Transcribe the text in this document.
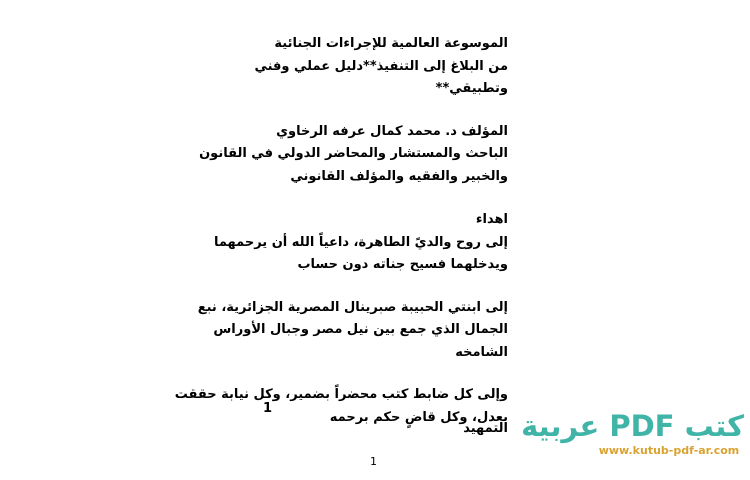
الموسوعة العالمية للإجراءات الجنائية
من البلاغ إلى التنفيذ**دليل عملي وفني
وتطبيقي**
المؤلف د. محمد كمال عرفه الرخاوي
الباحث والمستشار والمحاضر الدولي في القانون
والخبير والفقيه والمؤلف القانوني
اهداء
إلى روح والدي‌ً الطاهرة، داعيا‌ً الله أن يرحمهما
ويدخلهما فسيح جناته دون حساب
إلى ابنتي الحبيبة صبرينال المصرية الجزائرية، نبع
الجمال الذي جمع بين نيل مصر وجبال الأوراس
الشامخه
وإلى كل ضابط كتب محضرا‌ً بضمير، وكل نيابة حققت
بعدل، وكل قاض‌ٍ حكم برحمه
1
التمهيد
1
كتب PDF عربية
www.kutub-pdf-ar.com
